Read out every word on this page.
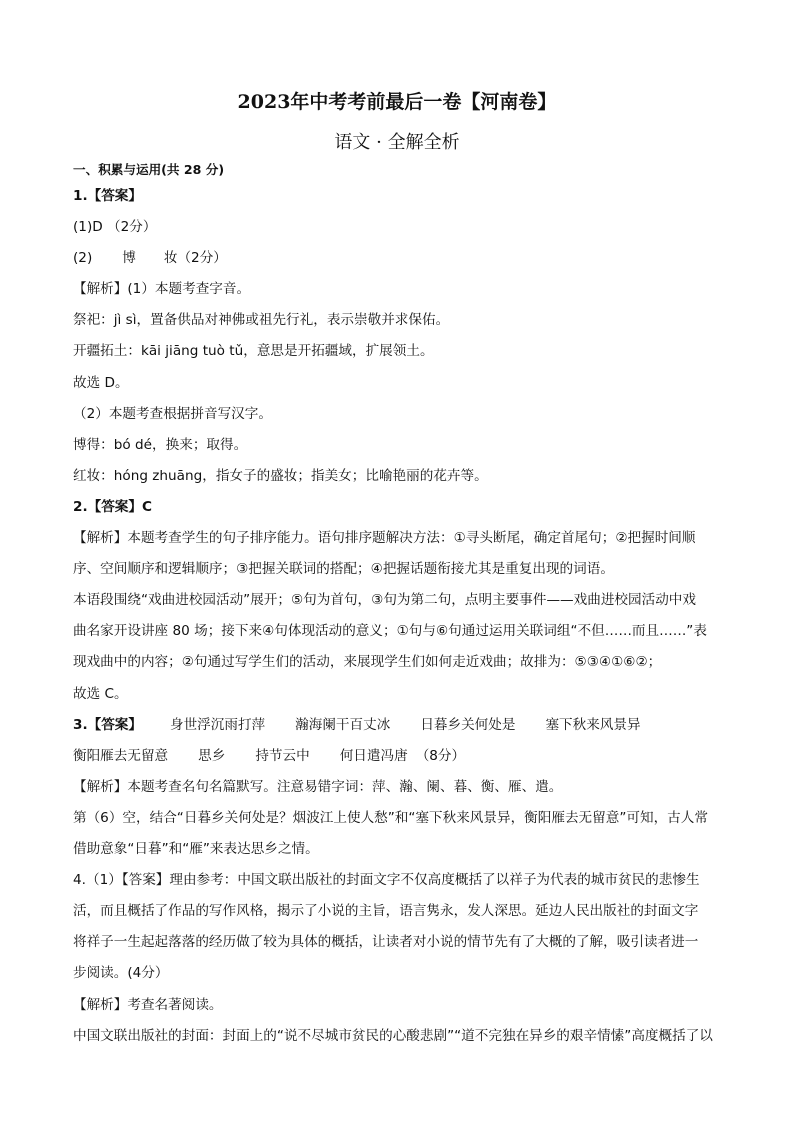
2023年中考考前最后一卷【河南卷】
语文 · 全解全析
一、积累与运用(共 28 分)
1.【答案】
(1)D （2分）
(2) 博 妆（2分）
【解析】(1）本题考查字音。
祭祀：jì sì，置备供品对神佛或祖先行礼，表示崇敬并求保佑。
开疆拓土：kāi jiāng tuò tǔ，意思是开拓疆域，扩展领土。
故选 D。
（2）本题考查根据拼音写汉字。
博得：bó dé，换来；取得。
红妆：hóng zhuāng，指女子的盛妆；指美女；比喻艳丽的花卉等。
2.【答案】C
【解析】本题考查学生的句子排序能力。语句排序题解决方法：①寻头断尾，确定首尾句；②把握时间顺
序、空间顺序和逻辑顺序；③把握关联词的搭配；④把握话题衔接尤其是重复出现的词语。
本语段围绕“戏曲进校园活动”展开；⑤句为首句，③句为第二句，点明主要事件——戏曲进校园活动中戏
曲名家开设讲座 80 场；接下来④句体现活动的意义；①句与⑥句通过运用关联词组“不但……而且……”表
现戏曲中的内容；②句通过写学生们的活动，来展现学生们如何走近戏曲；故排为：⑤③④①⑥②；
故选 C。
3.【答案】 身世浮沉雨打萍 瀚海阑干百丈冰 日暮乡关何处是 塞下秋来风景异
衡阳雁去无留意 思乡 持节云中 何日遣冯唐 （8分）
【解析】本题考查名句名篇默写。注意易错字词：萍、瀚、阑、暮、衡、雁、遣。
第（6）空，结合“日暮乡关何处是？烟波江上使人愁”和“塞下秋来风景异，衡阳雁去无留意”可知，古人常
借助意象“日暮”和“雁”来表达思乡之情。
4.（1）【答案】理由参考：中国文联出版社的封面文字不仅高度概括了以祥子为代表的城市贫民的悲惨生
活，而且概括了作品的写作风格，揭示了小说的主旨，语言隽永，发人深思。延边人民出版社的封面文字
将祥子一生起起落落的经历做了较为具体的概括，让读者对小说的情节先有了大概的了解，吸引读者进一
步阅读。(4分）
【解析】考查名著阅读。
中国文联出版社的封面：封面上的“说不尽城市贫民的心酸悲剧”“道不完独在异乡的艰辛情愫”高度概括了以
